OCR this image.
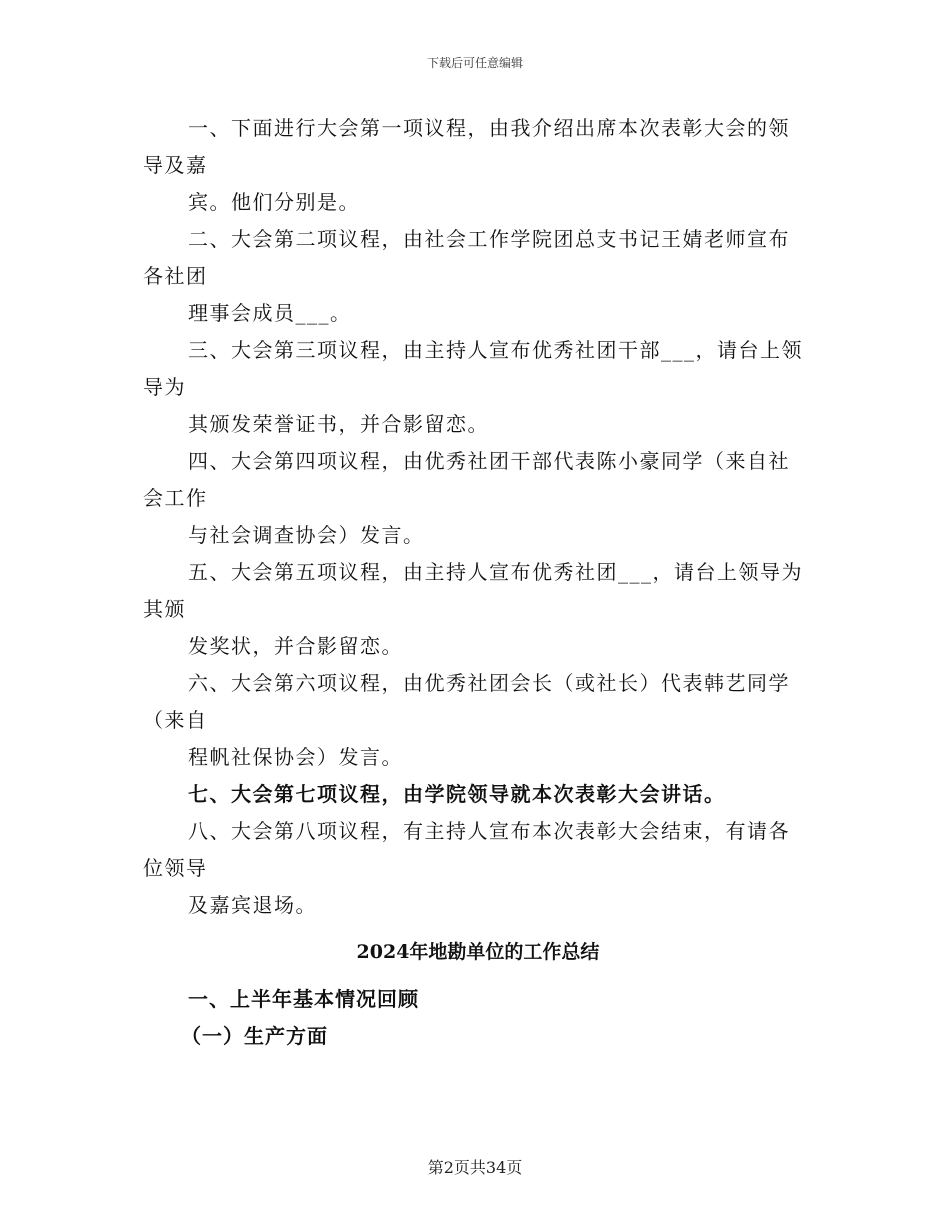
下载后可任意编辑
一、下面进行大会第一项议程，由我介绍出席本次表彰大会的领
导及嘉
宾。他们分别是。
二、大会第二项议程，由社会工作学院团总支书记王婧老师宣布
各社团
理事会成员___。
三、大会第三项议程，由主持人宣布优秀社团干部___，请台上领
导为
其颁发荣誉证书，并合影留恋。
四、大会第四项议程，由优秀社团干部代表陈小豪同学（来自社
会工作
与社会调查协会）发言。
五、大会第五项议程，由主持人宣布优秀社团___，请台上领导为
其颁
发奖状，并合影留恋。
六、大会第六项议程，由优秀社团会长（或社长）代表韩艺同学
（来自
程帆社保协会）发言。
七、大会第七项议程，由学院领导就本次表彰大会讲话。
八、大会第八项议程，有主持人宣布本次表彰大会结束，有请各
位领导
及嘉宾退场。
2024年地勘单位的工作总结
一、上半年基本情况回顾
（一）生产方面
第2页共34页
